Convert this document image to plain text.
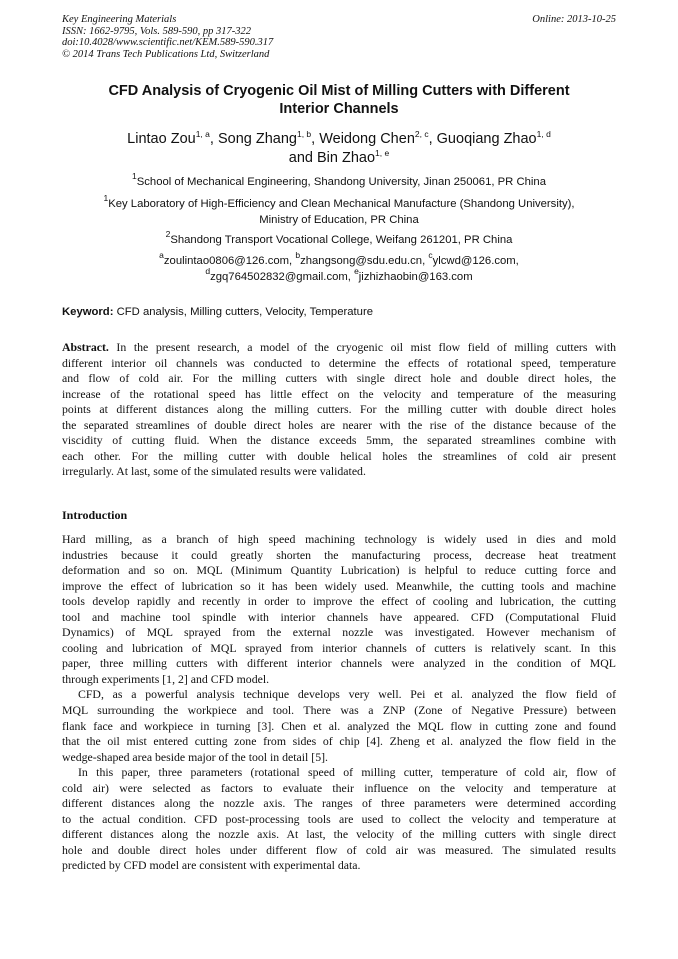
Key Engineering Materials
ISSN: 1662-9795, Vols. 589-590, pp 317-322
doi:10.4028/www.scientific.net/KEM.589-590.317
© 2014 Trans Tech Publications Ltd, Switzerland
Online: 2013-10-25
CFD Analysis of Cryogenic Oil Mist of Milling Cutters with Different
Interior Channels
Lintao Zou$^{1, a}$, Song Zhang$^{1, b}$, Weidong Chen$^{2, c}$, Guoqiang Zhao$^{1, d}$
and Bin Zhao$^{1, e}$
$^1$School of Mechanical Engineering, Shandong University, Jinan 250061, PR China
$^1$Key Laboratory of High-Efficiency and Clean Mechanical Manufacture (Shandong University),
Ministry of Education, PR China
$^2$Shandong Transport Vocational College, Weifang 261201, PR China
$^a$zoulintao0806@126.com, $^b$zhangsong@sdu.edu.cn, $^c$ylcwd@126.com,
$^d$zgq764502832@gmail.com, $^e$jizhizhaobin@163.com
Keyword: CFD analysis, Milling cutters, Velocity, Temperature
Abstract. In the present research, a model of the cryogenic oil mist flow field of milling cutters with
different interior oil channels was conducted to determine the effects of rotational speed, temperature
and flow of cold air. For the milling cutters with single direct hole and double direct holes, the
increase of the rotational speed has little effect on the velocity and temperature of the measuring
points at different distances along the milling cutters. For the milling cutter with double direct holes
the separated streamlines of double direct holes are nearer with the rise of the distance because of the
viscidity of cutting fluid. When the distance exceeds 5mm, the separated streamlines combine with
each other. For the milling cutter with double helical holes the streamlines of cold air present
irregularly. At last, some of the simulated results were validated.
Introduction
Hard milling, as a branch of high speed machining technology is widely used in dies and mold
industries because it could greatly shorten the manufacturing process, decrease heat treatment
deformation and so on. MQL (Minimum Quantity Lubrication) is helpful to reduce cutting force and
improve the effect of lubrication so it has been widely used. Meanwhile, the cutting tools and machine
tools develop rapidly and recently in order to improve the effect of cooling and lubrication, the cutting
tool and machine tool spindle with interior channels have appeared. CFD (Computational Fluid
Dynamics) of MQL sprayed from the external nozzle was investigated. However mechanism of
cooling and lubrication of MQL sprayed from interior channels of cutters is relatively scant. In this
paper, three milling cutters with different interior channels were analyzed in the condition of MQL
through experiments [1, 2] and CFD model.
CFD, as a powerful analysis technique develops very well. Pei et al. analyzed the flow field of
MQL surrounding the workpiece and tool. There was a ZNP (Zone of Negative Pressure) between
flank face and workpiece in turning [3]. Chen et al. analyzed the MQL flow in cutting zone and found
that the oil mist entered cutting zone from sides of chip [4]. Zheng et al. analyzed the flow field in the
wedge-shaped area beside major of the tool in detail [5].
In this paper, three parameters (rotational speed of milling cutter, temperature of cold air, flow of
cold air) were selected as factors to evaluate their influence on the velocity and temperature at
different distances along the nozzle axis. The ranges of three parameters were determined according
to the actual condition. CFD post-processing tools are used to collect the velocity and temperature at
different distances along the nozzle axis. At last, the velocity of the milling cutters with single direct
hole and double direct holes under different flow of cold air was measured. The simulated results
predicted by CFD model are consistent with experimental data.
